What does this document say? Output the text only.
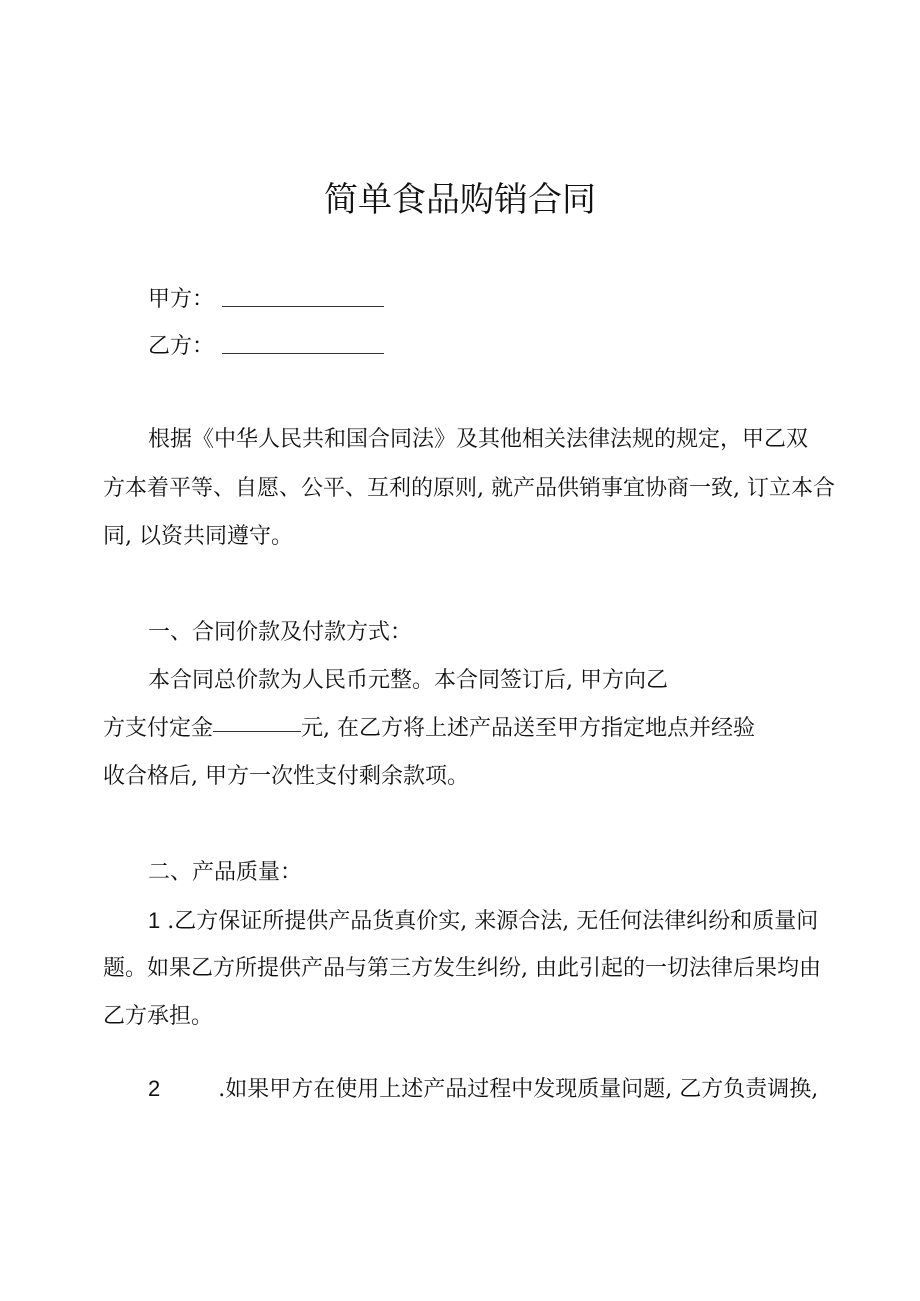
简单食品购销合同
甲方：
乙方：
根据《中华人民共和国合同法》及其他相关法律法规的规定，甲乙双
方本着平等、自愿、公平、互利的原则, 就产品供销事宜协商一致, 订立本合
同, 以资共同遵守。
一、合同价款及付款方式：
本合同总价款为人民币元整。本合同签订后, 甲方向乙
方支付定金	元, 在乙方将上述产品送至甲方指定地点并经验
收合格后, 甲方一次性支付剩余款项。
二、产品质量：
1 .乙方保证所提供产品货真价实, 来源合法, 无任何法律纠纷和质量问
题。如果乙方所提供产品与第三方发生纠纷, 由此引起的一切法律后果均由
乙方承担。
2	.如果甲方在使用上述产品过程中发现质量问题, 乙方负责调换,
